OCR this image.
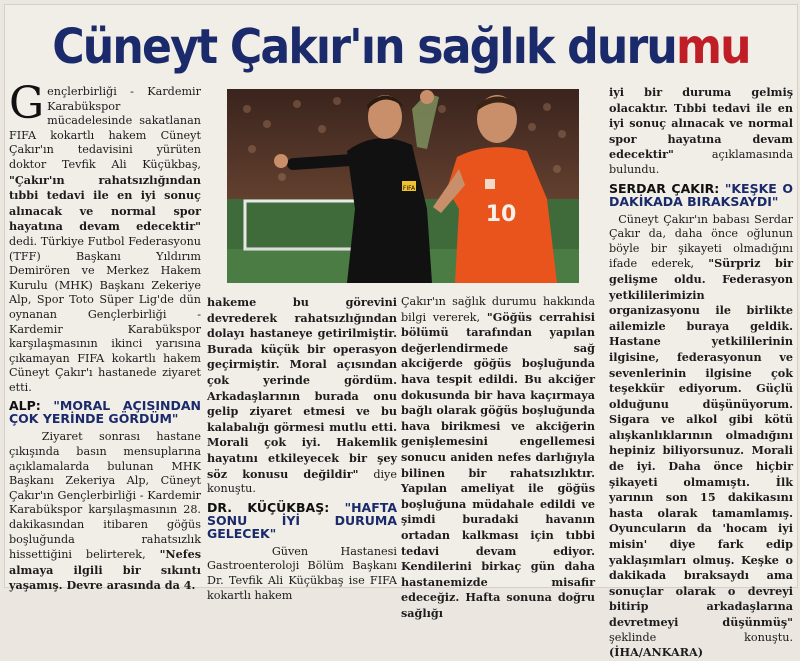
Cüneyt Çakır'ın sağlık durumu

Gençlerbirliği - Kardemir Karabükspor mücadelesinde sakatlanan FIFA kokartlı hakem Cüneyt Çakır'ın tedavisini yürüten doktor Tevfik Ali Küçükbaş, "Çakır'ın rahatsızlığından tıbbi tedavi ile en iyi sonuç alınacak ve normal spor hayatına devam edecektir" dedi. Türkiye Futbol Federasyonu (TFF) Başkanı Yıldırım Demirören ve Merkez Hakem Kurulu (MHK) Başkanı Zekeriye Alp, Spor Toto Süper Lig'de dün oynanan Gençlerbirliği - Kardemir Karabükspor karşılaşmasının ikinci yarısına çıkamayan FIFA kokartlı hakem Cüneyt Çakır'ı hastanede ziyaret etti.

ALP: "MORAL AÇISINDAN ÇOK YERİNDE GÖRDÜM"

Ziyaret sonrası hastane çıkışında basın mensuplarına açıklamalarda bulunan MHK Başkanı Zekeriya Alp, Cüneyt Çakır'ın Gençlerbirliği - Kardemir Karabükspor karşılaşmasının 28. dakikasından itibaren göğüs boşluğunda rahatsızlık hissettiğini belirterek, "Nefes almaya ilgili bir sıkıntı yaşamış. Devre arasında da 4.

FIFA
10

hakeme bu görevini devrederek rahatsızlığından dolayı hastaneye getirilmiştir. Burada küçük bir operasyon geçirmiştir. Moral açısından çok yerinde gördüm. Arkadaşlarının burada onu gelip ziyaret etmesi ve bu kalabalığı görmesi mutlu etti. Morali çok iyi. Hakemlik hayatını etkileyecek bir şey söz konusu değildir" diye konuştu.

DR. KÜÇÜKBAŞ: "HAFTA SONU İYİ DURUMA GELECEK"

Güven Hastanesi Gastroenteroloji Bölüm Başkanı Dr. Tevfik Ali Küçükbaş ise FIFA kokartlı hakem

Çakır'ın sağlık durumu hakkında bilgi vererek, "Göğüs cerrahisi bölümü tarafından yapılan değerlendirmede sağ akciğerde göğüs boşluğunda hava tespit edildi. Bu akciğer dokusunda bir hava kaçırmaya bağlı olarak göğüs boşluğunda hava birikmesi ve akciğerin genişlemesini engellemesi sonucu aniden nefes darlığıyla bilinen bir rahatsızlıktır. Yapılan ameliyat ile göğüs boşluğuna müdahale edildi ve şimdi buradaki havanın ortadan kalkması için tıbbi tedavi devam ediyor. Kendilerini birkaç gün daha hastanemizde misafir edeceğiz. Hafta sonuna doğru sağlığı

iyi bir duruma gelmiş olacaktır. Tıbbi tedavi ile en iyi sonuç alınacak ve normal spor hayatına devam edecektir" açıklamasında bulundu.

SERDAR ÇAKIR: "KEŞKE O DAKİKADA BIRAKSAYDI"

Cüneyt Çakır'ın babası Serdar Çakır da, daha önce oğlunun böyle bir şikayeti olmadığını ifade ederek, "Sürpriz bir gelişme oldu. Federasyon yetkililerimizin organizasyonu ile birlikte ailemizle buraya geldik. Hastane yetkililerinin ilgisine, federasyonun ve sevenlerinin ilgisine çok teşekkür ediyorum. Güçlü olduğunu düşünüyorum. Sigara ve alkol gibi kötü alışkanlıklarının olmadığını hepiniz biliyorsunuz. Morali de iyi. Daha önce hiçbir şikayeti olmamıştı. İlk yarının son 15 dakikasını hasta olarak tamamlamış. Oyuncuların da 'hocam iyi misin' diye fark edip yaklaşımları olmuş. Keşke o dakikada bıraksaydı ama sonuçlar olarak o devreyi bitirip arkadaşlarına devretmeyi düşünmüş" şeklinde konuştu. (İHA/ANKARA)
